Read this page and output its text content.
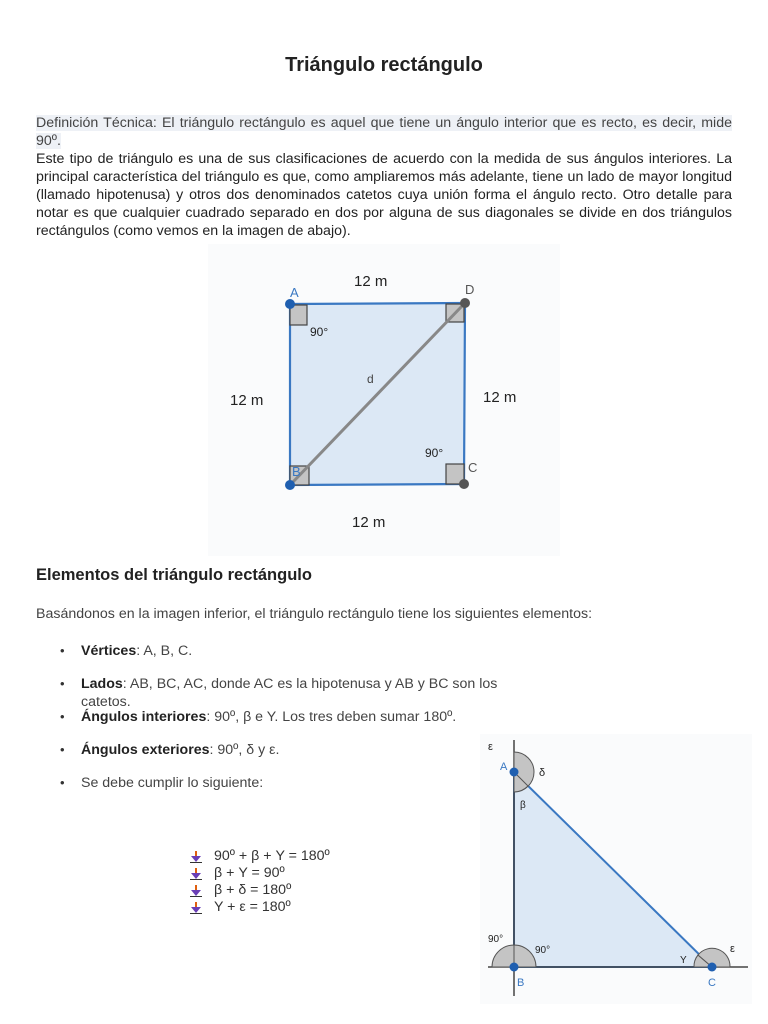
Triángulo rectángulo
Definición Técnica: El triángulo rectángulo es aquel que tiene un ángulo interior que es recto, es decir, mide 90º.

Este tipo de triángulo es una de sus clasificaciones de acuerdo con la medida de sus ángulos interiores. La principal característica del triángulo es que, como ampliaremos más adelante, tiene un lado de mayor longitud (llamado hipotenusa) y otros dos denominados catetos cuya unión forma el ángulo recto. Otro detalle para notar es que cualquier cuadrado separado en dos por alguna de sus diagonales se divide en dos triángulos rectángulos (como vemos en la imagen de abajo).

12 m
12 m	12 m
12 m
A	D
C
B
90°
90°
d
Elementos del triángulo rectángulo
Basándonos en la imagen inferior, el triángulo rectángulo tiene los siguientes elementos:
• Vértices: A, B, C.
• Lados: AB, BC, AC, donde AC es la hipotenusa y AB y BC son los catetos.
• Ángulos interiores: 90º, β e Y. Los tres deben sumar 180º.
• Ángulos exteriores: 90º, δ y ε.
• Se debe cumplir lo siguiente:
90º + β + Y = 180º
β + Y = 90º
β + δ = 180º
Y + ε = 180º
A
B	C
ε
δ
β
90°
90°
Y
ε
